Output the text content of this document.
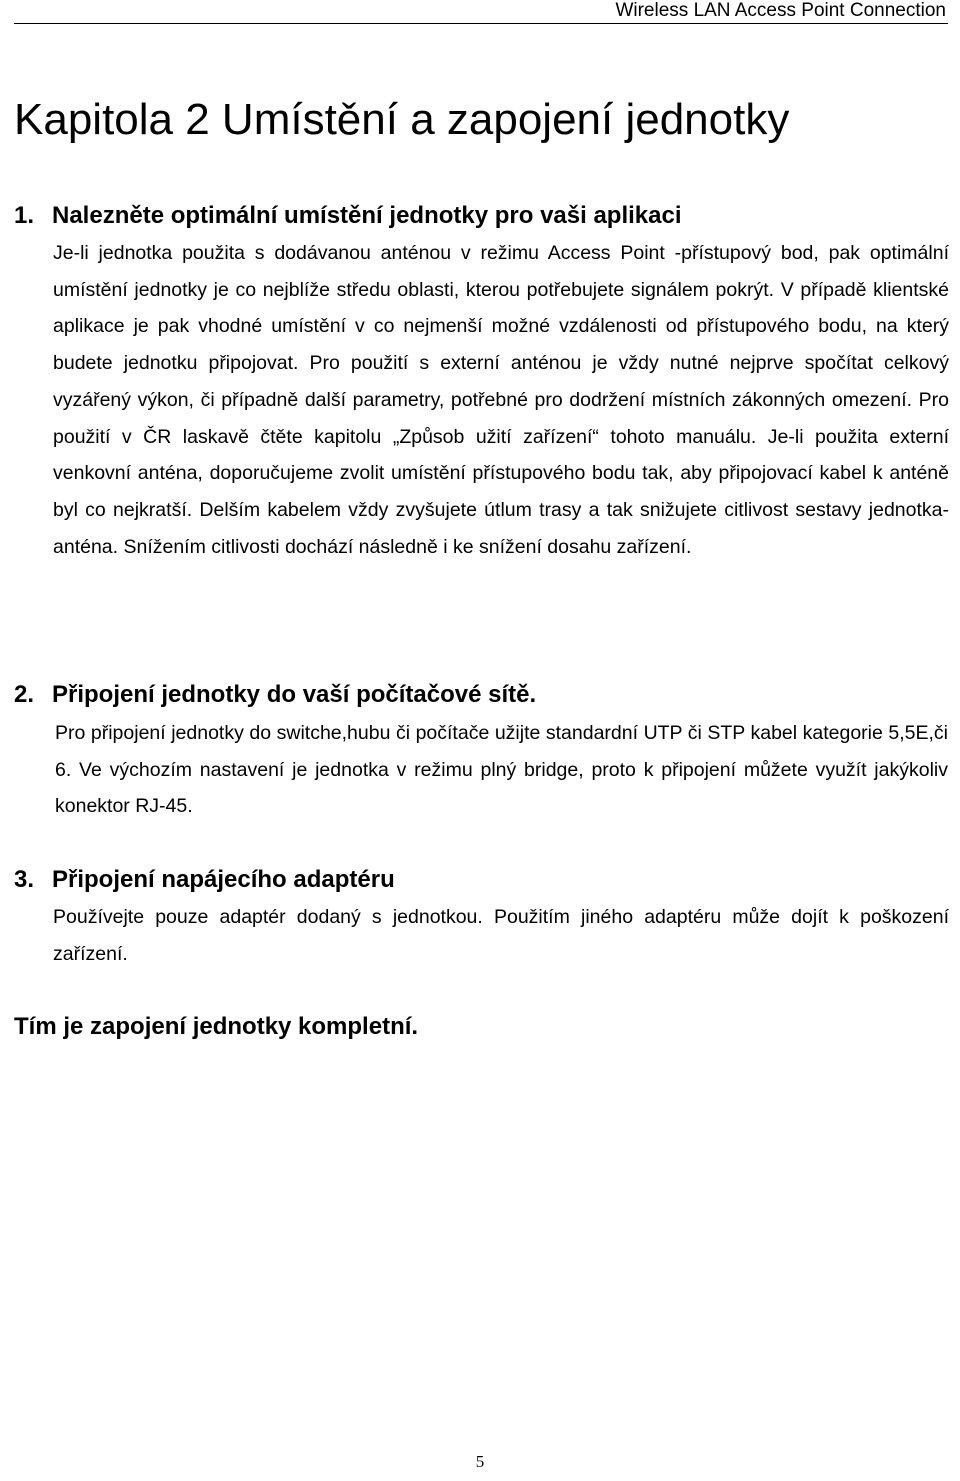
Wireless LAN Access Point Connection
Kapitola 2 Umístění a zapojení jednotky
1. Nalezněte optimální umístění jednotky pro vaši aplikaci

Je-li jednotka použita s dodávanou anténou v režimu Access Point -přístupový bod, pak optimální umístění jednotky je co nejblíže středu oblasti, kterou potřebujete signálem pokrýt. V případě klientské aplikace je pak vhodné umístění v co nejmenší možné vzdálenosti od přístupového bodu, na který budete jednotku připojovat. Pro použití s externí anténou je vždy nutné nejprve spočítat celkový vyzářený výkon, či případně další parametry, potřebné pro dodržení místních zákonných omezení. Pro použití v ČR laskavě čtěte kapitolu „Způsob užití zařízení“ tohoto manuálu. Je-li použita externí venkovní anténa, doporučujeme zvolit umístění přístupového bodu tak, aby připojovací kabel k anténě byl co nejkratší. Delším kabelem vždy zvyšujete útlum trasy a tak snižujete citlivost sestavy jednotka-anténa. Snížením citlivosti dochází následně i ke snížení dosahu zařízení.

2. Připojení jednotky do vaší počítačové sítě.

Pro připojení jednotky do switche,hubu či počítače užijte standardní UTP či STP kabel kategorie 5,5E,či 6. Ve výchozím nastavení je jednotka v režimu plný bridge, proto k připojení můžete využít jakýkoliv konektor RJ-45.

3. Připojení napájecího adaptéru

Používejte pouze adaptér dodaný s jednotkou. Použitím jiného adaptéru může dojít k poškození zařízení.

Tím je zapojení jednotky kompletní.

5
